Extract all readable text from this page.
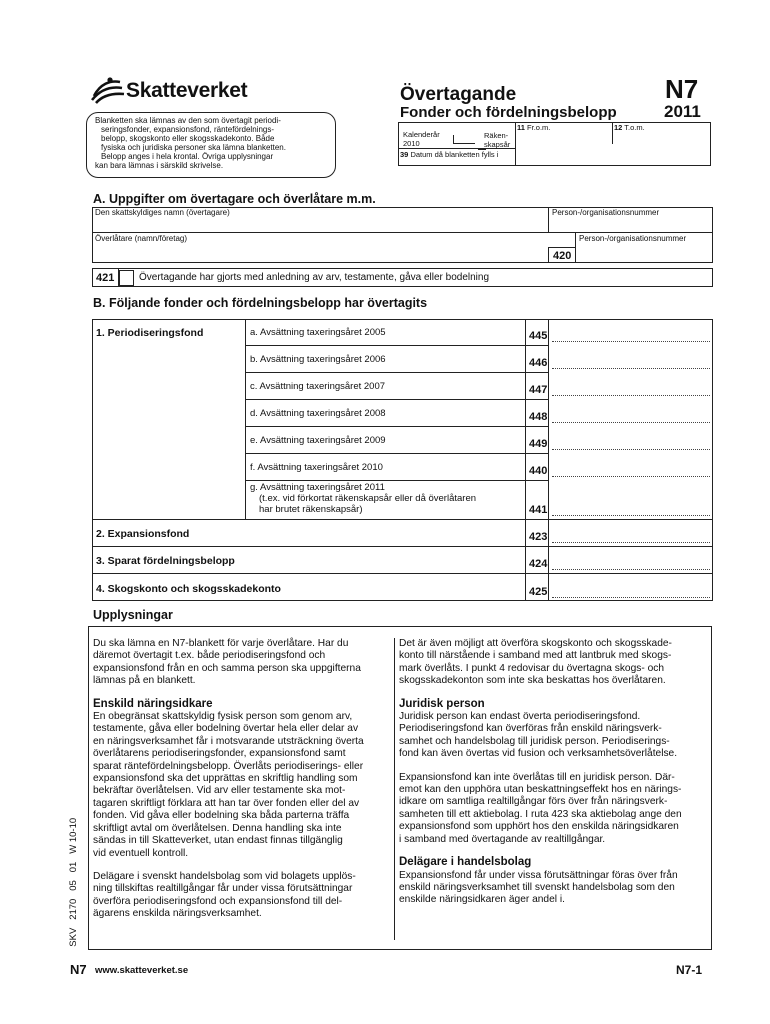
Skatteverket
Blanketten ska lämnas av den som övertagit periodi-
seringsfonder, expansionsfond, räntefördelnings-
belopp, skogskonto eller skogsskadekonto. Både
fysiska och juridiska personer ska lämna blanketten.
Belopp anges i hela krontal. Övriga upplysningar
kan bara lämnas i särskild skrivelse.
Övertagande
Fonder och fördelningsbelopp
N7
2011
11 Fr.o.m.	12 T.o.m.
Kalenderår
2010
Räken-
skapsår
39 Datum då blanketten fylls i
A. Uppgifter om övertagare och överlåtare m.m.
Den skattskyldiges namn (övertagare)	Person-/organisationsnummer
Överlåtare (namn/företag)	Person-/organisationsnummer
420
421 Övertagande har gjorts med anledning av arv, testamente, gåva eller bodelning
B. Följande fonder och fördelningsbelopp har övertagits
1. Periodiseringsfond	a. Avsättning taxeringsåret 2005	445
b. Avsättning taxeringsåret 2006	446
c. Avsättning taxeringsåret 2007	447
d. Avsättning taxeringsåret 2008	448
e. Avsättning taxeringsåret 2009	449
f. Avsättning taxeringsåret 2010	440
g. Avsättning taxeringsåret 2011
(t.ex. vid förkortat räkenskapsår eller då överlåtaren
har brutet räkenskapsår)	441
2. Expansionsfond	423
3. Sparat fördelningsbelopp	424
4. Skogskonto och skogsskadekonto	425
Upplysningar
Du ska lämna en N7-blankett för varje överlåtare. Har du
däremot övertagit t.ex. både periodiseringsfond och
expansionsfond från en och samma person ska uppgifterna
lämnas på en blankett.
Enskild näringsidkare
En obegränsat skattskyldig fysisk person som genom arv,
testamente, gåva eller bodelning övertar hela eller delar av
en näringsverksamhet får i motsvarande utsträckning överta
överlåtarens periodiseringsfonder, expansionsfond samt
sparat räntefördelningsbelopp. Överlåts periodiserings- eller
expansionsfond ska det upprättas en skriftlig handling som
bekräftar överlåtelsen. Vid arv eller testamente ska mot-
tagaren skriftligt förklara att han tar över fonden eller del av
fonden. Vid gåva eller bodelning ska båda parterna träffa
skriftligt avtal om överlåtelsen. Denna handling ska inte
sändas in till Skatteverket, utan endast finnas tillgänglig
vid eventuell kontroll.
Delägare i svenskt handelsbolag som vid bolagets upplös-
ning tillskiftas realtillgångar får under vissa förutsättningar
överföra periodiseringsfond och expansionsfond till del-
ägarens enskilda näringsverksamhet.
Det är även möjligt att överföra skogskonto och skogsskade-
konto till närstående i samband med att lantbruk med skogs-
mark överlåts. I punkt 4 redovisar du övertagna skogs- och
skogsskadekonton som inte ska beskattas hos överlåtaren.
Juridisk person
Juridisk person kan endast överta periodiseringsfond.
Periodiseringsfond kan överföras från enskild näringsverk-
samhet och handelsbolag till juridisk person. Periodiserings-
fond kan även övertas vid fusion och verksamhetsöverlåtelse.
Expansionsfond kan inte överlåtas till en juridisk person. Där-
emot kan den upphöra utan beskattningseffekt hos en närings-
idkare om samtliga realtillgångar förs över från näringsverk-
samheten till ett aktiebolag. I ruta 423 ska aktiebolag ange den
expansionsfond som upphört hos den enskilda näringsidkaren
i samband med övertagande av realtillgångar.
Delägare i handelsbolag
Expansionsfond får under vissa förutsättningar föras över från
enskild näringsverksamhet till svenskt handelsbolag som den
enskilde näringsidkaren äger andel i.

SKV   2170   05   01   W 10-10

N7 www.skatteverket.se	N7-1
